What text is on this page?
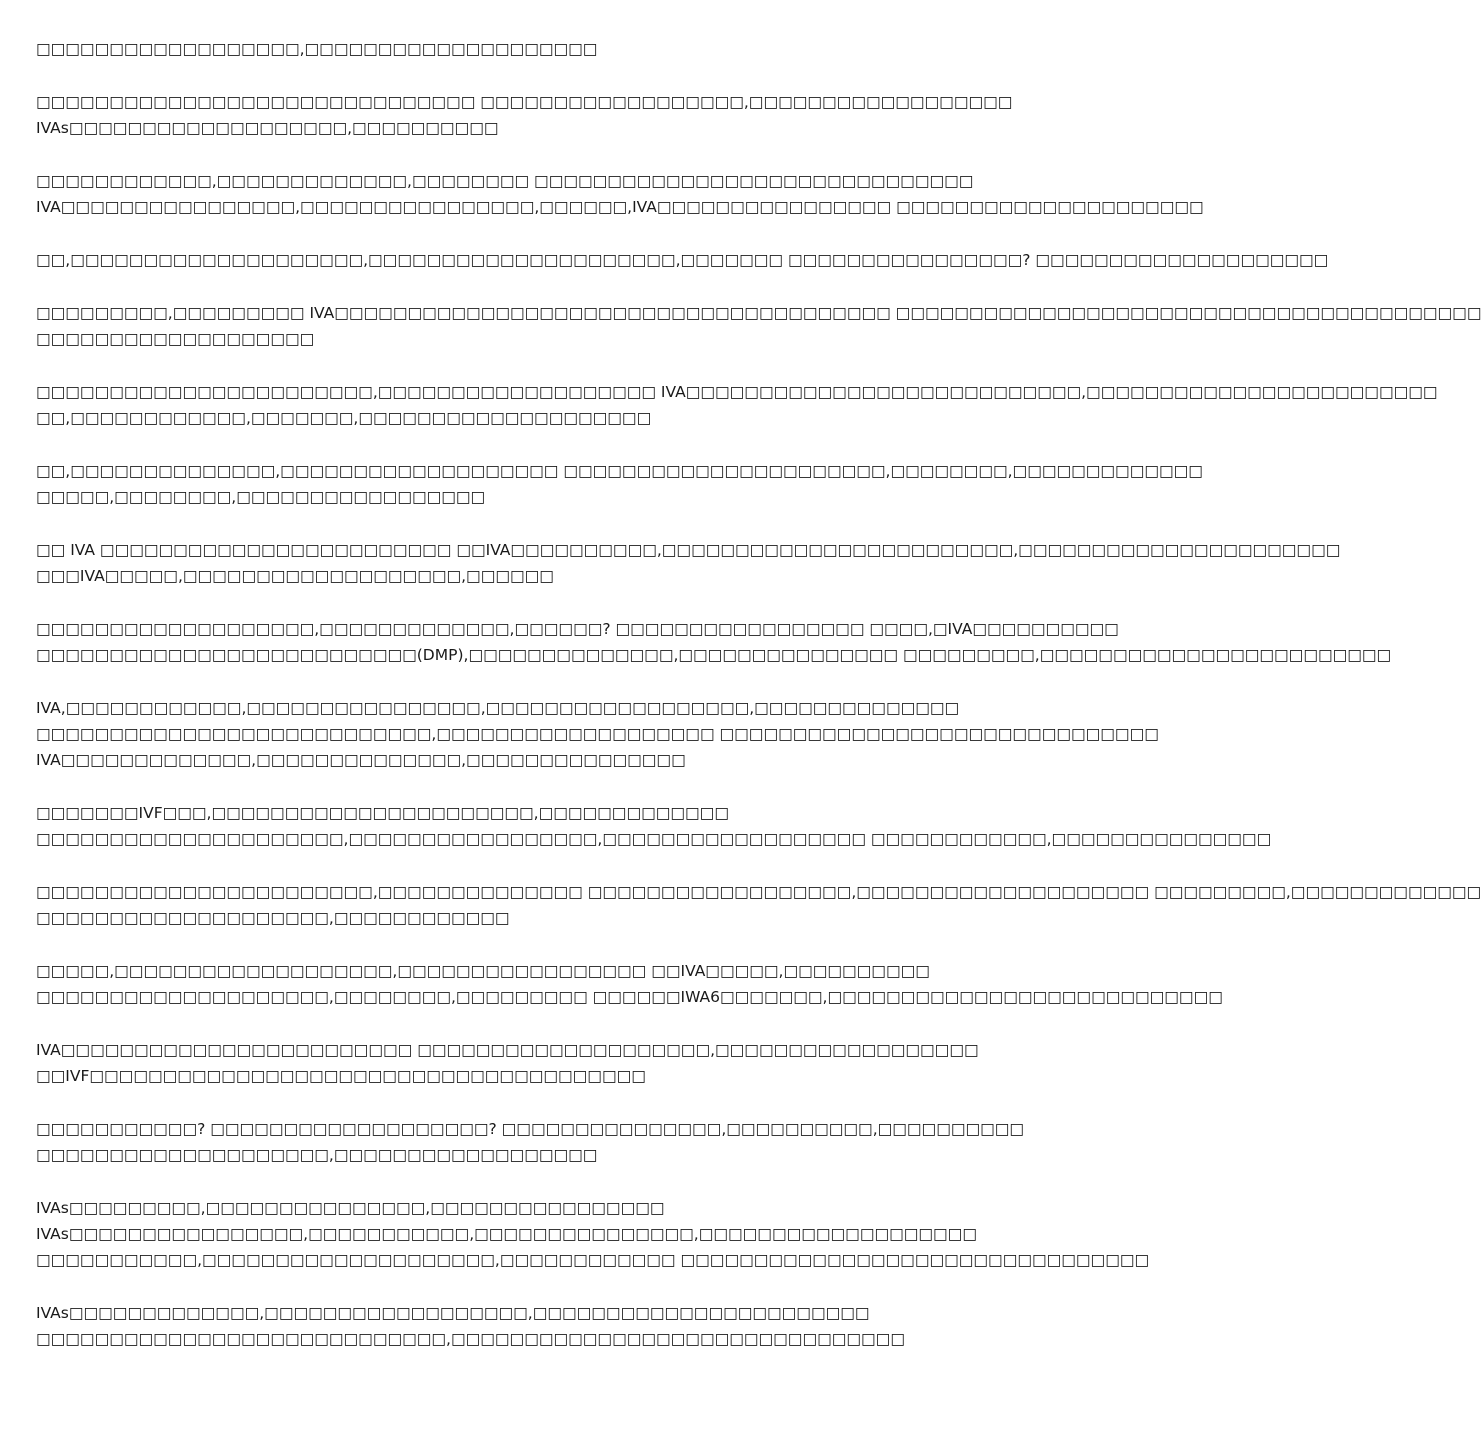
□□□□□□□□□□□□□□□□□□,□□□□□□□□□□□□□□□□□□□□
□□□□□□□□□□□□□□□□□□□□□□□□□□□□□□ □□□□□□□□□□□□□□□□□□,□□□□□□□□□□□□□□□□□□
IVAs□□□□□□□□□□□□□□□□□□□,□□□□□□□□□□
□□□□□□□□□□□□,□□□□□□□□□□□□□,□□□□□□□□ □□□□□□□□□□□□□□□□□□□□□□□□□□□□□□
IVA□□□□□□□□□□□□□□□□,□□□□□□□□□□□□□□□□,□□□□□□,IVA□□□□□□□□□□□□□□□□ □□□□□□□□□□□□□□□□□□□□□
□□,□□□□□□□□□□□□□□□□□□□□,□□□□□□□□□□□□□□□□□□□□□,□□□□□□□ □□□□□□□□□□□□□□□□? □□□□□□□□□□□□□□□□□□□□
□□□□□□□□□,□□□□□□□□□ IVA□□□□□□□□□□□□□□□□□□□□□□□□□□□□□□□□□□□□□□ □□□□□□□□□□□□□□□□□□□□□□□□□□□□□□□□□□□□□□□□
□□□□□□□□□□□□□□□□□□□
□□□□□□□□□□□□□□□□□□□□□□□,□□□□□□□□□□□□□□□□□□□ IVA□□□□□□□□□□□□□□□□□□□□□□□□□□□,□□□□□□□□□□□□□□□□□□□□□□□□
□□,□□□□□□□□□□□□,□□□□□□□,□□□□□□□□□□□□□□□□□□□□
□□,□□□□□□□□□□□□□□,□□□□□□□□□□□□□□□□□□□ □□□□□□□□□□□□□□□□□□□□□□,□□□□□□□□,□□□□□□□□□□□□□
□□□□□,□□□□□□□□,□□□□□□□□□□□□□□□□□
□□ IVA □□□□□□□□□□□□□□□□□□□□□□□□ □□IVA□□□□□□□□□□,□□□□□□□□□□□□□□□□□□□□□□□□,□□□□□□□□□□□□□□□□□□□□□□
□□□IVA□□□□□,□□□□□□□□□□□□□□□□□□□,□□□□□□
□□□□□□□□□□□□□□□□□□□,□□□□□□□□□□□□□,□□□□□□? □□□□□□□□□□□□□□□□□ □□□□,□IVA□□□□□□□□□□
□□□□□□□□□□□□□□□□□□□□□□□□□□(DMP),□□□□□□□□□□□□□□,□□□□□□□□□□□□□□□ □□□□□□□□□,□□□□□□□□□□□□□□□□□□□□□□□□
IVA,□□□□□□□□□□□□,□□□□□□□□□□□□□□□□,□□□□□□□□□□□□□□□□□□,□□□□□□□□□□□□□□
□□□□□□□□□□□□□□□□□□□□□□□□□□□,□□□□□□□□□□□□□□□□□□□ □□□□□□□□□□□□□□□□□□□□□□□□□□□□□□
IVA□□□□□□□□□□□□□,□□□□□□□□□□□□□□,□□□□□□□□□□□□□□□
□□□□□□□IVF□□□,□□□□□□□□□□□□□□□□□□□□□□,□□□□□□□□□□□□□
□□□□□□□□□□□□□□□□□□□□□,□□□□□□□□□□□□□□□□□,□□□□□□□□□□□□□□□□□□ □□□□□□□□□□□□,□□□□□□□□□□□□□□□
□□□□□□□□□□□□□□□□□□□□□□□,□□□□□□□□□□□□□□ □□□□□□□□□□□□□□□□□□,□□□□□□□□□□□□□□□□□□□□ □□□□□□□□□,□□□□□□□□□□□□□
□□□□□□□□□□□□□□□□□□□□,□□□□□□□□□□□□
□□□□□,□□□□□□□□□□□□□□□□□□□,□□□□□□□□□□□□□□□□□ □□IVA□□□□□,□□□□□□□□□□
□□□□□□□□□□□□□□□□□□□□,□□□□□□□□,□□□□□□□□□ □□□□□□IWA6□□□□□□□,□□□□□□□□□□□□□□□□□□□□□□□□□□□
IVA□□□□□□□□□□□□□□□□□□□□□□□□ □□□□□□□□□□□□□□□□□□□□,□□□□□□□□□□□□□□□□□□
□□IVF□□□□□□□□□□□□□□□□□□□□□□□□□□□□□□□□□□□□□□
□□□□□□□□□□□? □□□□□□□□□□□□□□□□□□□? □□□□□□□□□□□□□□□,□□□□□□□□□□,□□□□□□□□□□
□□□□□□□□□□□□□□□□□□□□,□□□□□□□□□□□□□□□□□□
IVAs□□□□□□□□□,□□□□□□□□□□□□□□□,□□□□□□□□□□□□□□□□
IVAs□□□□□□□□□□□□□□□□,□□□□□□□□□□□,□□□□□□□□□□□□□□□,□□□□□□□□□□□□□□□□□□□
□□□□□□□□□□□,□□□□□□□□□□□□□□□□□□□□,□□□□□□□□□□□□ □□□□□□□□□□□□□□□□□□□□□□□□□□□□□□□□
IVAs□□□□□□□□□□□□□,□□□□□□□□□□□□□□□□□□,□□□□□□□□□□□□□□□□□□□□□□□
□□□□□□□□□□□□□□□□□□□□□□□□□□□□,□□□□□□□□□□□□□□□□□□□□□□□□□□□□□□□
